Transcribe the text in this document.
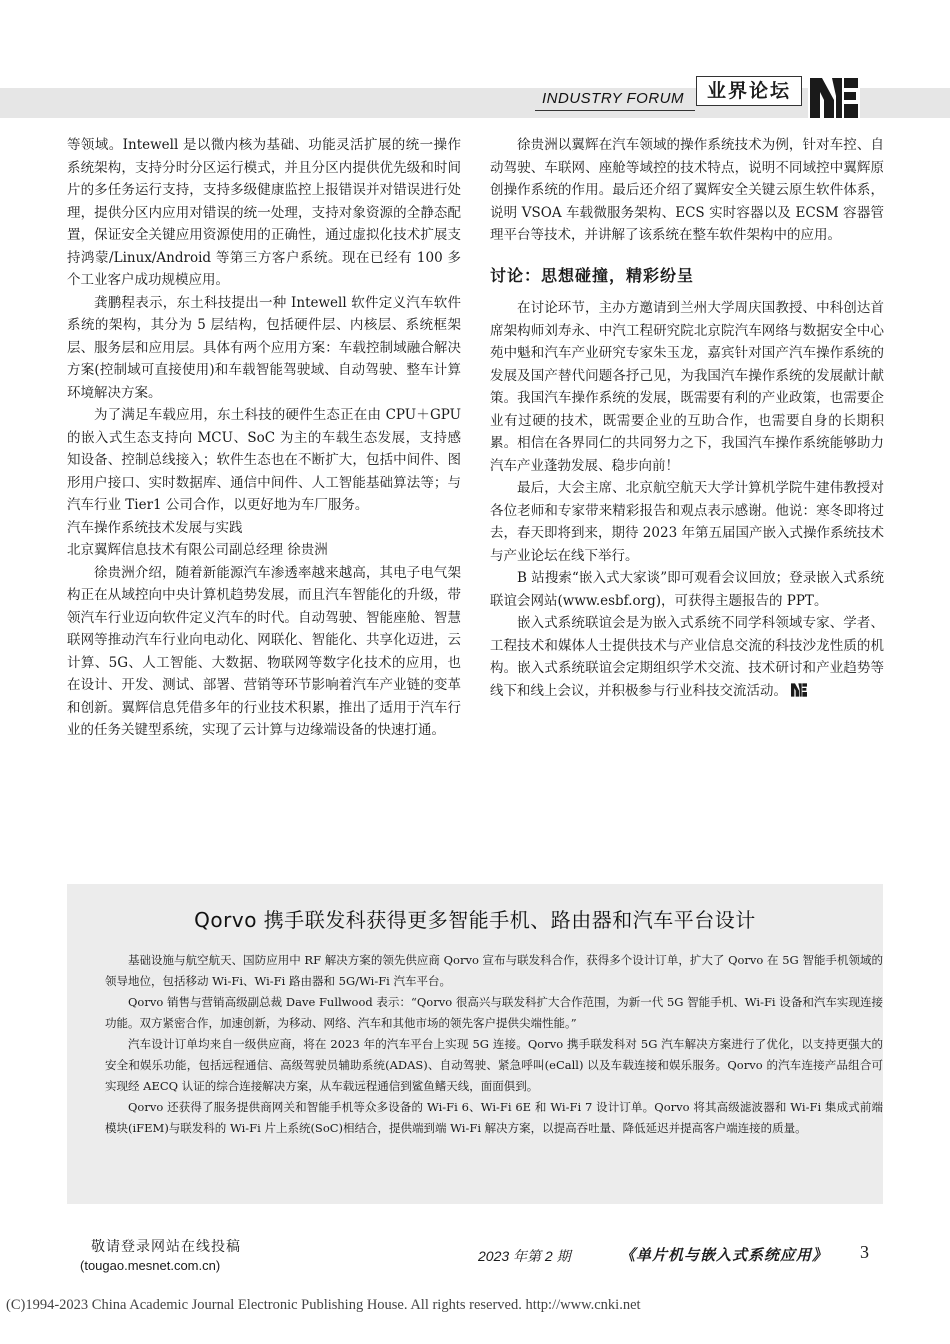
INDUSTRY FORUM	业界论坛

等领域。Intewell 是以微内核为基础、功能灵活扩展的统一操作系统架构，支持分时分区运行模式，并且分区内提供优先级和时间片的多任务运行支持，支持多级健康监控上报错误并对错误进行处理，提供分区内应用对错误的统一处理，支持对象资源的全静态配置，保证安全关键应用资源使用的正确性，通过虚拟化技术扩展支持鸿蒙/Linux/Android 等第三方客户系统。现在已经有 100 多个工业客户成功规模应用。

龚鹏程表示，东土科技提出一种 Intewell 软件定义汽车软件系统的架构，其分为 5 层结构，包括硬件层、内核层、系统框架层、服务层和应用层。具体有两个应用方案：车载控制域融合解决方案(控制域可直接使用)和车载智能驾驶域、自动驾驶、整车计算环境解决方案。

为了满足车载应用，东土科技的硬件生态正在由 CPU＋GPU 的嵌入式生态支持向 MCU、SoC 为主的车载生态发展，支持感知设备、控制总线接入；软件生态也在不断扩大，包括中间件、图形用户接口、实时数据库、通信中间件、人工智能基础算法等；与汽车行业 Tier1 公司合作，以更好地为车厂服务。

汽车操作系统技术发展与实践

北京翼辉信息技术有限公司副总经理 徐贵洲

徐贵洲介绍，随着新能源汽车渗透率越来越高，其电子电气架构正在从域控向中央计算机趋势发展，而且汽车智能化的升级，带领汽车行业迈向软件定义汽车的时代。自动驾驶、智能座舱、智慧联网等推动汽车行业向电动化、网联化、智能化、共享化迈进，云计算、5G、人工智能、大数据、物联网等数字化技术的应用，也在设计、开发、测试、部署、营销等环节影响着汽车产业链的变革和创新。翼辉信息凭借多年的行业技术积累，推出了适用于汽车行业的任务关键型系统，实现了云计算与边缘端设备的快速打通。

徐贵洲以翼辉在汽车领域的操作系统技术为例，针对车控、自动驾驶、车联网、座舱等域控的技术特点，说明不同域控中翼辉原创操作系统的作用。最后还介绍了翼辉安全关键云原生软件体系，说明 VSOA 车载微服务架构、ECS 实时容器以及 ECSM 容器管理平台等技术，并讲解了该系统在整车软件架构中的应用。

讨论：思想碰撞，精彩纷呈

在讨论环节，主办方邀请到兰州大学周庆国教授、中科创达首席架构师刘寿永、中汽工程研究院北京院汽车网络与数据安全中心苑中魁和汽车产业研究专家朱玉龙，嘉宾针对国产汽车操作系统的发展及国产替代问题各抒己见，为我国汽车操作系统的发展献计献策。我国汽车操作系统的发展，既需要有利的产业政策，也需要企业有过硬的技术，既需要企业的互助合作，也需要自身的长期积累。相信在各界同仁的共同努力之下，我国汽车操作系统能够助力汽车产业蓬勃发展、稳步向前！

最后，大会主席、北京航空航天大学计算机学院牛建伟教授对各位老师和专家带来精彩报告和观点表示感谢。他说：寒冬即将过去，春天即将到来，期待 2023 年第五届国产嵌入式操作系统技术与产业论坛在线下举行。

B 站搜索“嵌入式大家谈”即可观看会议回放；登录嵌入式系统联谊会网站(www.esbf.org)，可获得主题报告的 PPT。

嵌入式系统联谊会是为嵌入式系统不同学科领域专家、学者、工程技术和媒体人士提供技术与产业信息交流的科技沙龙性质的机构。嵌入式系统联谊会定期组织学术交流、技术研讨和产业趋势等线下和线上会议，并积极参与行业科技交流活动。

Qorvo 携手联发科获得更多智能手机、路由器和汽车平台设计

基础设施与航空航天、国防应用中 RF 解决方案的领先供应商 Qorvo 宣布与联发科合作，获得多个设计订单，扩大了 Qorvo 在 5G 智能手机领域的领导地位，包括移动 Wi-Fi、Wi-Fi 路由器和 5G/Wi-Fi 汽车平台。

Qorvo 销售与营销高级副总裁 Dave Fullwood 表示：“Qorvo 很高兴与联发科扩大合作范围，为新一代 5G 智能手机、Wi-Fi 设备和汽车实现连接功能。双方紧密合作，加速创新，为移动、网络、汽车和其他市场的领先客户提供尖端性能。”

汽车设计订单均来自一级供应商，将在 2023 年的汽车平台上实现 5G 连接。Qorvo 携手联发科对 5G 汽车解决方案进行了优化，以支持更强大的安全和娱乐功能，包括远程通信、高级驾驶员辅助系统(ADAS)、自动驾驶、紧急呼叫(eCall) 以及车载连接和娱乐服务。Qorvo 的汽车连接产品组合可实现经 AECQ 认证的综合连接解决方案，从车载远程通信到鲨鱼鳍天线，面面俱到。

Qorvo 还获得了服务提供商网关和智能手机等众多设备的 Wi-Fi 6、Wi-Fi 6E 和 Wi-Fi 7 设计订单。Qorvo 将其高级滤波器和 Wi-Fi 集成式前端模块(iFEM)与联发科的 Wi-Fi 片上系统(SoC)相结合，提供端到端 Wi-Fi 解决方案，以提高吞吐量、降低延迟并提高客户端连接的质量。

敬请登录网站在线投稿
(tougao.mesnet.com.cn)
2023 年第 2 期	《单片机与嵌入式系统应用》 3
(C)1994-2023 China Academic Journal Electronic Publishing House. All rights reserved. http://www.cnki.net
